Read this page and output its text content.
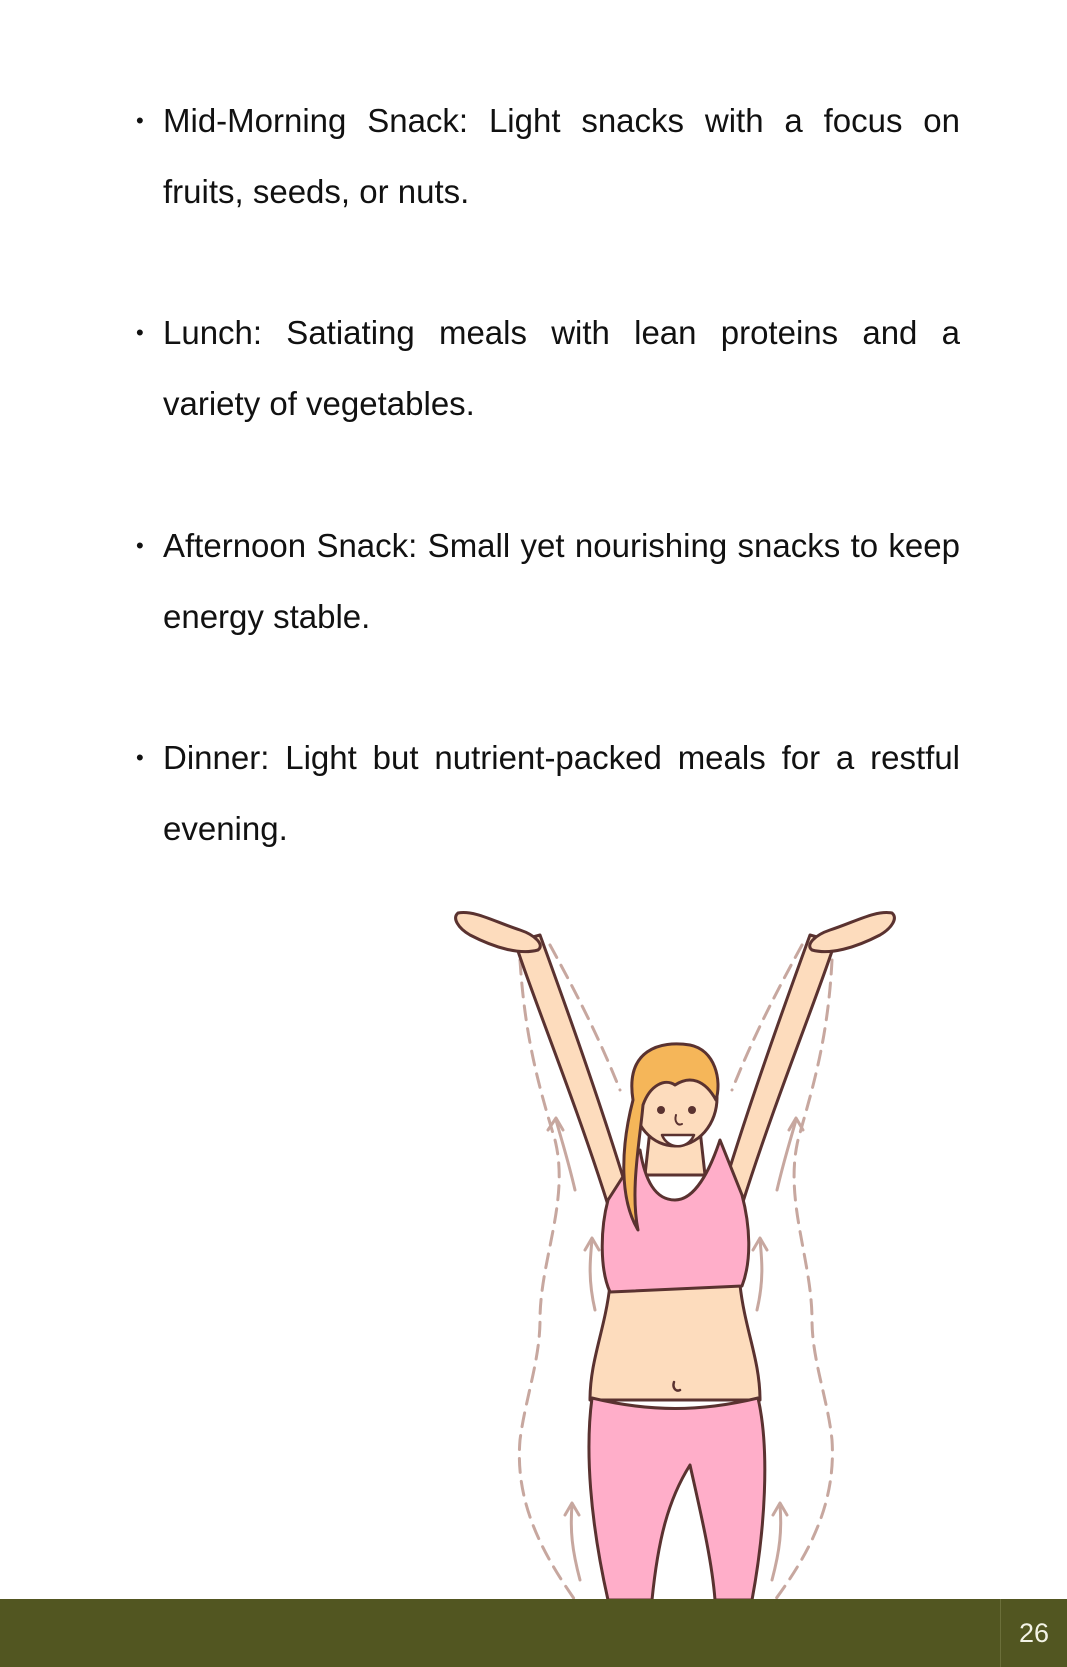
• Mid-Morning Snack: Light snacks with a focus on fruits, seeds, or nuts.
• Lunch: Satiating meals with lean proteins and a variety of vegetables.
• Afternoon Snack: Small yet nourishing snacks to keep energy stable.
• Dinner: Light but nutrient-packed meals for a restful evening.
26
